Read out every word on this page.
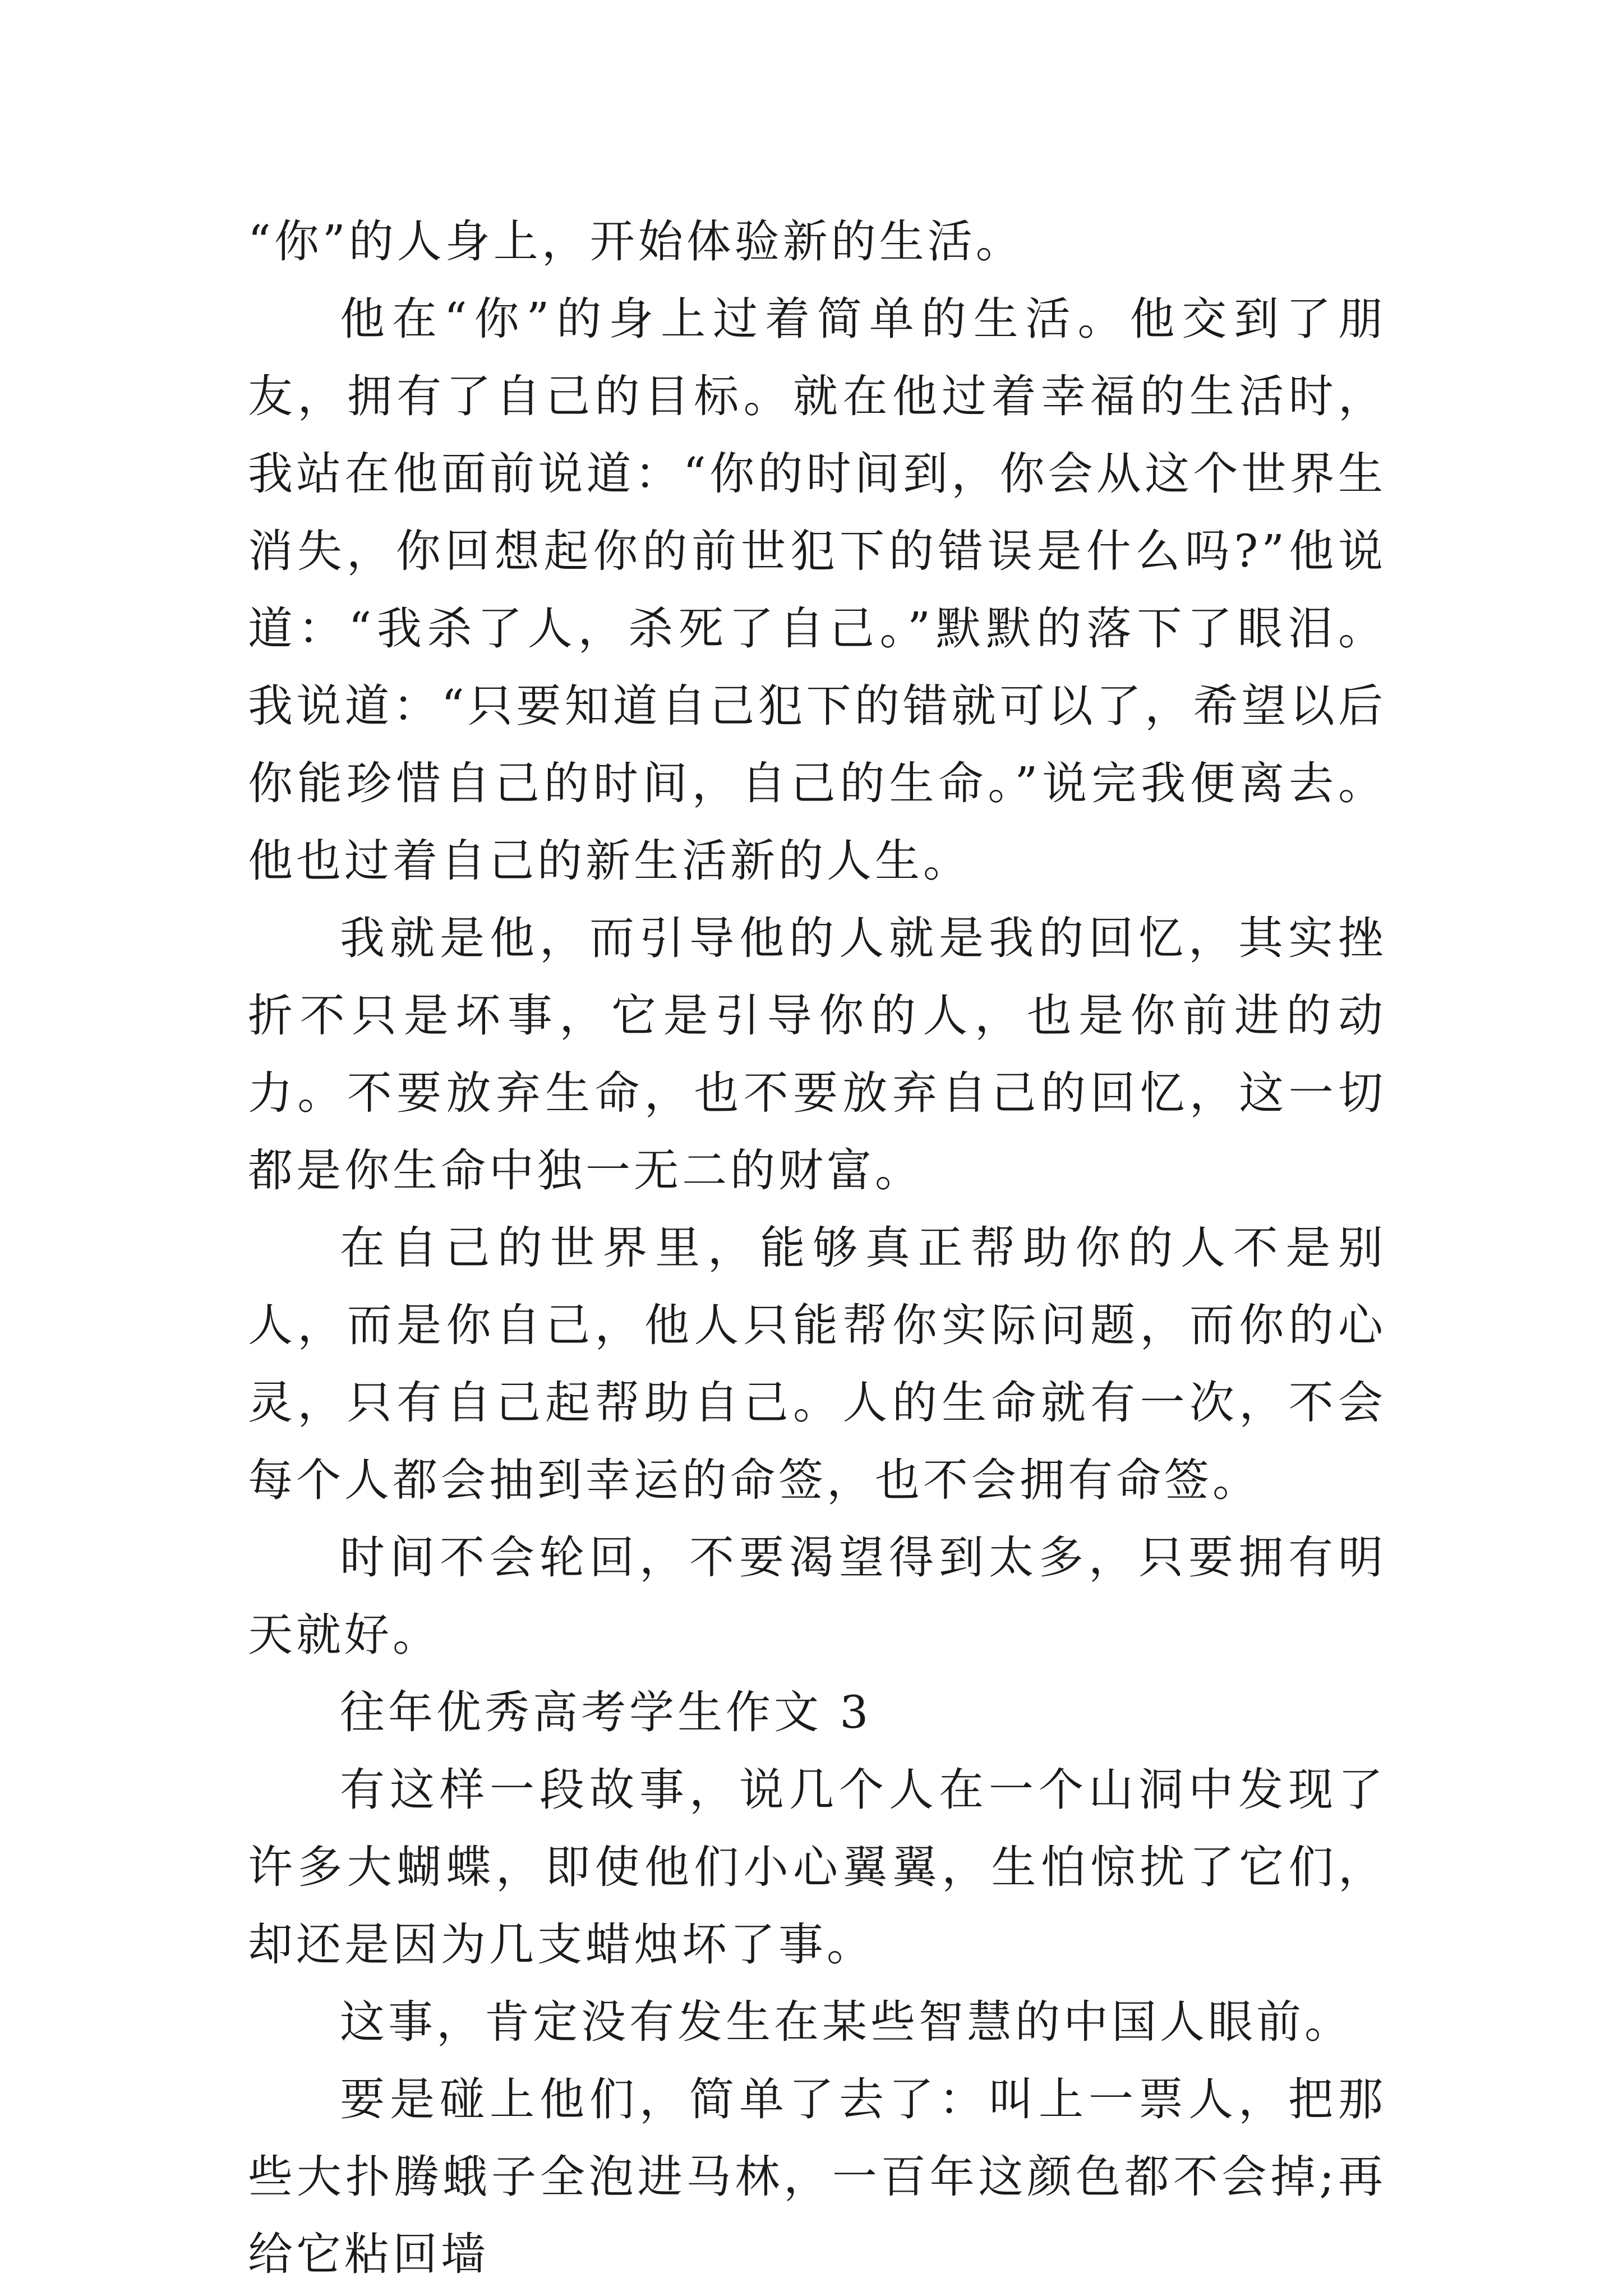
“你”的人身上，开始体验新的生活。

他在“你”的身上过着简单的生活。他交到了朋友，拥有了自己的目标。就在他过着幸福的生活时，我站在他面前说道：“你的时间到，你会从这个世界生消失，你回想起你的前世犯下的错误是什么吗?”他说道：“我杀了人，杀死了自己。”默默的落下了眼泪。我说道：“只要知道自己犯下的错就可以了，希望以后你能珍惜自己的时间，自己的生命。”说完我便离去。他也过着自己的新生活新的人生。

我就是他，而引导他的人就是我的回忆，其实挫折不只是坏事，它是引导你的人，也是你前进的动力。不要放弃生命，也不要放弃自己的回忆，这一切都是你生命中独一无二的财富。

在自己的世界里，能够真正帮助你的人不是别人，而是你自己，他人只能帮你实际问题，而你的心灵，只有自己起帮助自己。人的生命就有一次，不会每个人都会抽到幸运的命签，也不会拥有命签。

时间不会轮回，不要渴望得到太多，只要拥有明天就好。

往年优秀高考学生作文 3

有这样一段故事，说几个人在一个山洞中发现了许多大蝴蝶，即使他们小心翼翼，生怕惊扰了它们，却还是因为几支蜡烛坏了事。

这事，肯定没有发生在某些智慧的中国人眼前。

要是碰上他们，简单了去了：叫上一票人，把那些大扑腾蛾子全泡进马林，一百年这颜色都不会掉;再给它粘回墙
